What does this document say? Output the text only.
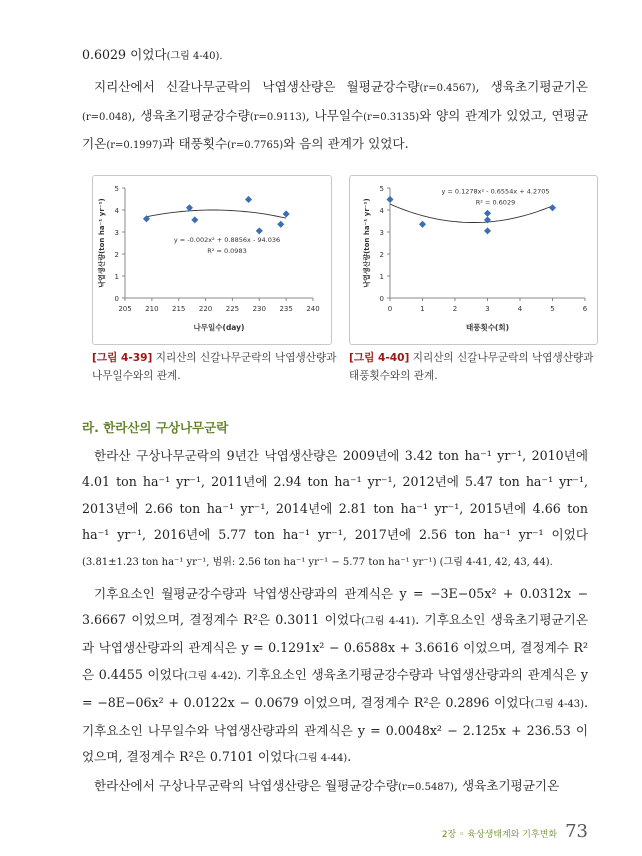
0.6029 이었다(그림 4-40).

지리산에서 신갈나무군락의 낙엽생산량은 월평균강수량(r=0.4567), 생육초기평균기온 (r=0.048), 생육초기평균강수량(r=0.9113), 나무일수(r=0.3135)와 양의 관계가 있었고, 연평균기온(r=0.1997)과 태풍횟수(r=0.7765)와 음의 관계가 있었다.

0
1
2
3
4
5
205 210 215 220 225 230 235 240
나무일수(day)
낙엽생산량(ton ha⁻¹ yr⁻¹)	y = -0.002x² + 0.8856x - 94.036
R² = 0.0983
[그림 4-39] 지리산의 신갈나무군락의 낙엽생산량과 나무일수와의 관계.
0
1
2
3
4
5
0	1	2	3	4	5	6
태풍횟수(회)
낙엽생산량(ton ha⁻¹ yr⁻¹)
y = 0.1278x² - 0.6554x + 4.2705
R² = 0.6029
[그림 4-40] 지리산의 신갈나무군락의 낙엽생산량과 태풍횟수와의 관계.
라. 한라산의 구상나무군락

한라산 구상나무군락의 9년간 낙엽생산량은 2009년에 3.42 ton ha⁻¹ yr⁻¹, 2010년에 4.01 ton ha⁻¹ yr⁻¹, 2011년에 2.94 ton ha⁻¹ yr⁻¹, 2012년에 5.47 ton ha⁻¹ yr⁻¹, 2013년에 2.66 ton ha⁻¹ yr⁻¹, 2014년에 2.81 ton ha⁻¹ yr⁻¹, 2015년에 4.66 ton ha⁻¹ yr⁻¹, 2016년에 5.77 ton ha⁻¹ yr⁻¹, 2017년에 2.56 ton ha⁻¹ yr⁻¹ 이었다(3.81±1.23 ton ha⁻¹ yr⁻¹, 범위: 2.56 ton ha⁻¹ yr⁻¹ − 5.77 ton ha⁻¹ yr⁻¹) (그림 4-41, 42, 43, 44).

기후요소인 월평균강수량과 낙엽생산량과의 관계식은 y = −3E−05x² + 0.0312x − 3.6667 이었으며, 결정계수 R²은 0.3011 이었다(그림 4-41). 기후요소인 생육초기평균기온과 낙엽생산량과의 관계식은 y = 0.1291x² − 0.6588x + 3.6616 이었으며, 결정계수 R²은 0.4455 이었다(그림 4-42). 기후요소인 생육초기평균강수량과 낙엽생산량과의 관계식은 y = −8E−06x² + 0.0122x − 0.0679 이었으며, 결정계수 R²은 0.2896 이었다(그림 4-43). 기후요소인 나무일수와 낙엽생산량과의 관계식은 y = 0.0048x² − 2.125x + 236.53 이었으며, 결정계수 R²은 0.7101 이었다(그림 4-44).

한라산에서 구상나무군락의 낙엽생산량은 월평균강수량(r=0.5487), 생육초기평균기온

2장 ◦ 육상생태계와 기후변화 73
